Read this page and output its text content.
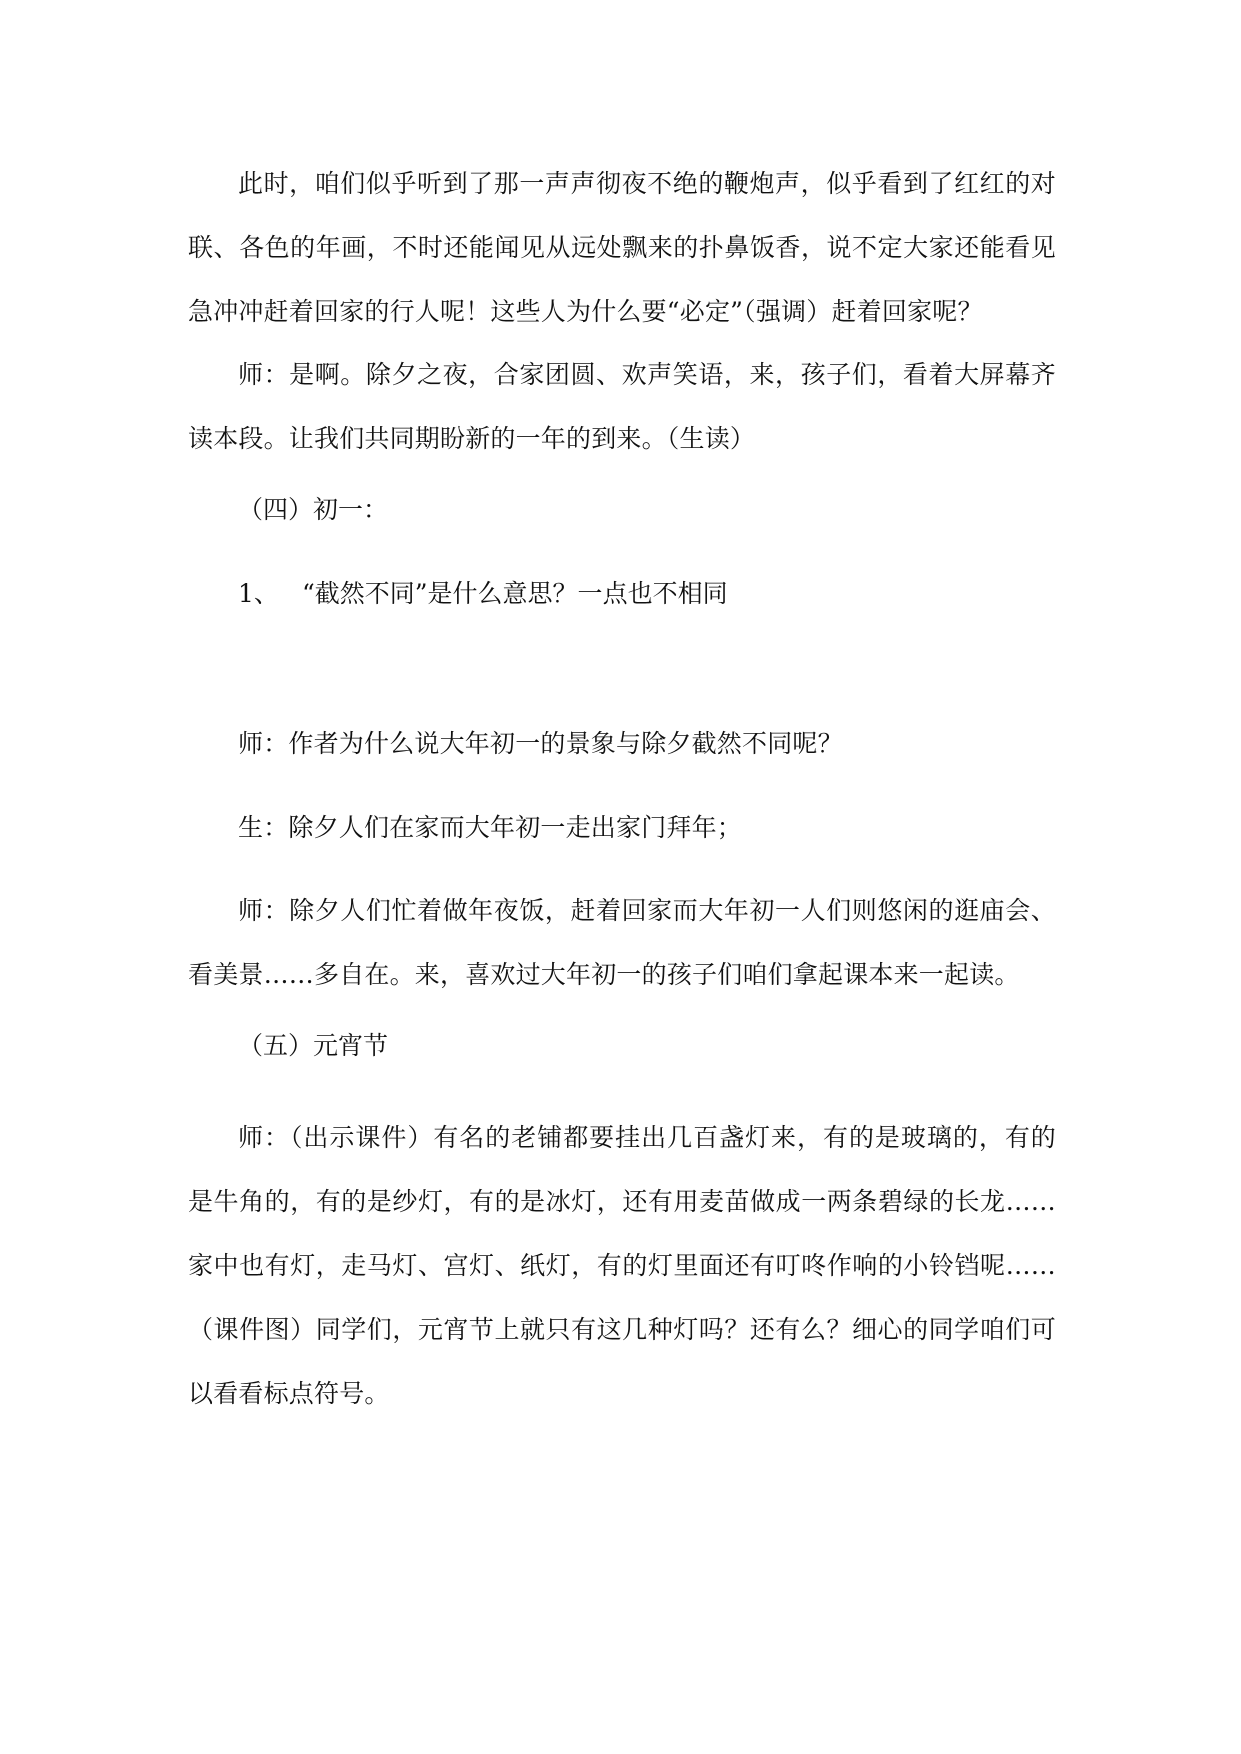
此时，咱们似乎听到了那一声声彻夜不绝的鞭炮声，似乎看到了红红的对联、各色的年画，不时还能闻见从远处飘来的扑鼻饭香，说不定大家还能看见急冲冲赶着回家的行人呢！这些人为什么要“必定”（强调）赶着回家呢？

师：是啊。除夕之夜，合家团圆、欢声笑语，来，孩子们，看着大屏幕齐读本段。让我们共同期盼新的一年的到来。（生读）

（四）初一：

1、 “截然不同”是什么意思？一点也不相同

师：作者为什么说大年初一的景象与除夕截然不同呢？

生：除夕人们在家而大年初一走出家门拜年；

师：除夕人们忙着做年夜饭，赶着回家而大年初一人们则悠闲的逛庙会、看美景……多自在。来，喜欢过大年初一的孩子们咱们拿起课本来一起读。

（五）元宵节

师：（出示课件）有名的老铺都要挂出几百盏灯来，有的是玻璃的，有的是牛角的，有的是纱灯，有的是冰灯，还有用麦苗做成一两条碧绿的长龙……家中也有灯，走马灯、宫灯、纸灯，有的灯里面还有叮咚作响的小铃铛呢……（课件图）同学们，元宵节上就只有这几种灯吗？还有么？细心的同学咱们可以看看标点符号。
